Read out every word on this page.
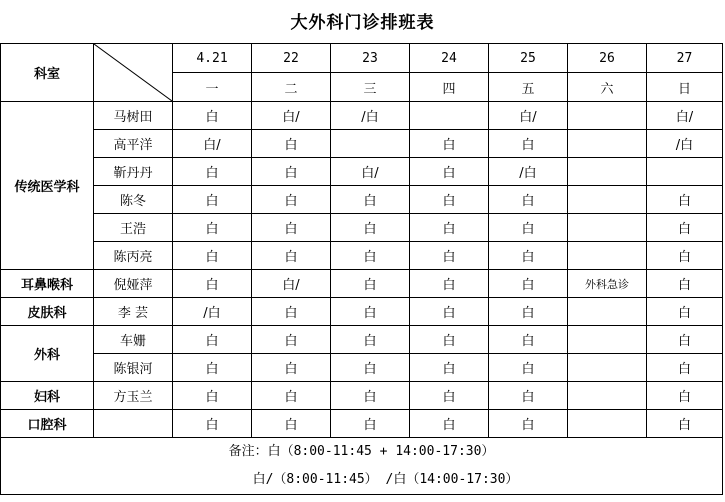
大外科门诊排班表
科室		4.21	22	23	24	25	26	27
		一	二	三	四	五	六	日
传统医学科	马树田	白	白/	/白		白/		白/
	高平洋	白/	白		白	白		/白
	靳丹丹	白	白	白/	白	/白		
	陈冬	白	白	白	白	白		白
	王浩	白	白	白	白	白		白
	陈丙亮	白	白	白	白	白		白
耳鼻喉科	倪娅萍	白	白/	白	白	白	外科急诊	白
皮肤科	李 芸	/白	白	白	白	白		白
外科	车姗	白	白	白	白	白		白
	陈银河	白	白	白	白	白		白
妇科	方玉兰	白	白	白	白	白		白
口腔科		白	白	白	白	白		白

备注：白（8:00-11:45 + 14:00-17:30）
白/（8:00-11:45） /白（14:00-17:30）								
